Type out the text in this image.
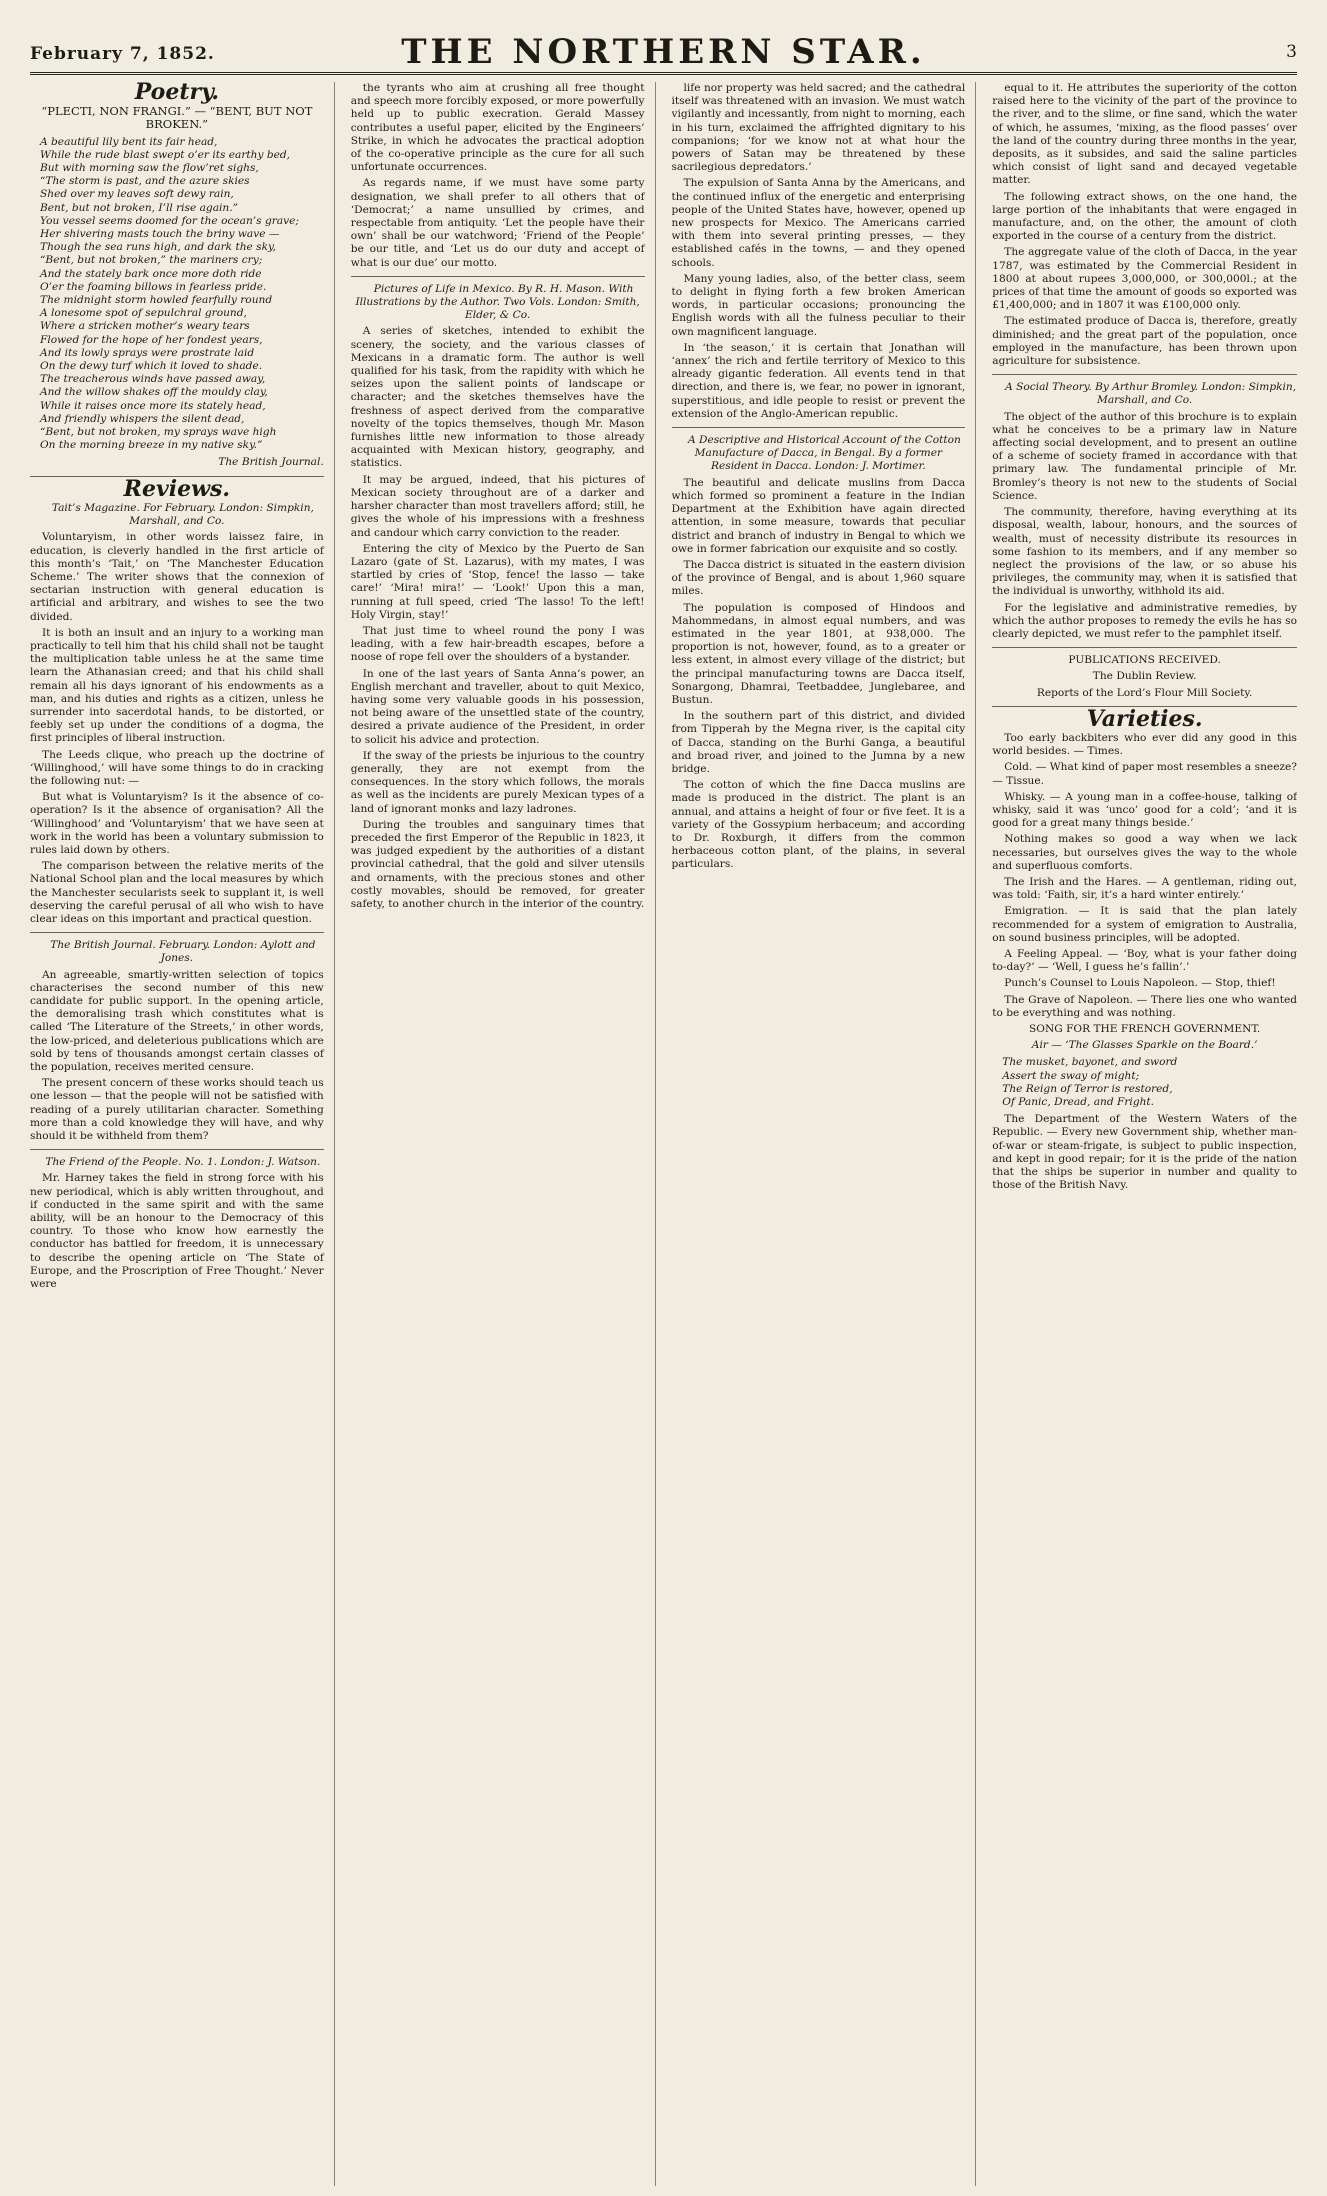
February 7, 1852.	THE NORTHERN STAR.	3
Poetry.
“PLECTI, NON FRANGI.” — “BENT, BUT NOT BROKEN.”

A beautiful lily bent its fair head,

While the rude blast swept o’er its earthy bed,

But with morning saw the flow’ret sighs,

“The storm is past, and the azure skies

Shed over my leaves soft dewy rain,

Bent, but not broken, I’ll rise again.”

You vessel seems doomed for the ocean’s grave;

Her shivering masts touch the briny wave —

Though the sea runs high, and dark the sky,

“Bent, but not broken,” the mariners cry;

And the stately bark once more doth ride

O’er the foaming billows in fearless pride.

The midnight storm howled fearfully round

A lonesome spot of sepulchral ground,

Where a stricken mother’s weary tears

Flowed for the hope of her fondest years,

And its lowly sprays were prostrate laid

On the dewy turf which it loved to shade.

The treacherous winds have passed away,

And the willow shakes off the mouldy clay,

While it raises once more its stately head,

And friendly whispers the silent dead,

“Bent, but not broken, my sprays wave high

On the morning breeze in my native sky.”

The British Journal.
Reviews.

Tait’s Magazine. For February. London: Simpkin, Marshall, and Co.

Voluntaryism, in other words laissez faire, in education, is cleverly handled in the first article of this month’s ‘Tait,’ on ‘The Manchester Education Scheme.’ The writer shows that the connexion of sectarian instruction with general education is artificial and arbitrary, and wishes to see the two divided.

It is both an insult and an injury to a working man practically to tell him that his child shall not be taught the multiplication table unless he at the same time learn the Athanasian creed; and that his child shall remain all his days ignorant of his endowments as a man, and his duties and rights as a citizen, unless he surrender into sacerdotal hands, to be distorted, or feebly set up under the conditions of a dogma, the first principles of liberal instruction.

The Leeds clique, who preach up the doctrine of ‘Willinghood,’ will have some things to do in cracking the following nut: —

But what is Voluntaryism? Is it the absence of co-operation? Is it the absence of organisation? All the ‘Willinghood’ and ‘Voluntaryism’ that we have seen at work in the world has been a voluntary submission to rules laid down by others.

The comparison between the relative merits of the National School plan and the local measures by which the Manchester secularists seek to supplant it, is well deserving the careful perusal of all who wish to have clear ideas on this important and practical question.

The British Journal. February. London: Aylott and Jones.

An agreeable, smartly-written selection of topics characterises the second number of this new candidate for public support. In the opening article, the demoralising trash which constitutes what is called ‘The Literature of the Streets,’ in other words, the low-priced, and deleterious publications which are sold by tens of thousands amongst certain classes of the population, receives merited censure.

The present concern of these works should teach us one lesson — that the people will not be satisfied with reading of a purely utilitarian character. Something more than a cold knowledge they will have, and why should it be withheld from them?

The Friend of the People. No. 1. London: J. Watson.

Mr. Harney takes the field in strong force with his new periodical, which is ably written throughout, and if conducted in the same spirit and with the same ability, will be an honour to the Democracy of this country. To those who know how earnestly the conductor has battled for freedom, it is unnecessary to describe the opening article on ‘The State of Europe, and the Proscription of Free Thought.’ Never were

the tyrants who aim at crushing all free thought and speech more forcibly exposed, or more powerfully held up to public execration. Gerald Massey contributes a useful paper, elicited by the Engineers’ Strike, in which he advocates the practical adoption of the co-operative principle as the cure for all such unfortunate occurrences.

As regards name, if we must have some party designation, we shall prefer to all others that of ‘Democrat;’ a name unsullied by crimes, and respectable from antiquity. ‘Let the people have their own’ shall be our watchword; ‘Friend of the People’ be our title, and ‘Let us do our duty and accept of what is our due’ our motto.

Pictures of Life in Mexico. By R. H. Mason. With Illustrations by the Author. Two Vols. London: Smith, Elder, & Co.

A series of sketches, intended to exhibit the scenery, the society, and the various classes of Mexicans in a dramatic form. The author is well qualified for his task, from the rapidity with which he seizes upon the salient points of landscape or character; and the sketches themselves have the freshness of aspect derived from the comparative novelty of the topics themselves, though Mr. Mason furnishes little new information to those already acquainted with Mexican history, geography, and statistics.

It may be argued, indeed, that his pictures of Mexican society throughout are of a darker and harsher character than most travellers afford; still, he gives the whole of his impressions with a freshness and candour which carry conviction to the reader.

Entering the city of Mexico by the Puerto de San Lazaro (gate of St. Lazarus), with my mates, I was startled by cries of ‘Stop, fence! the lasso — take care!’ ‘Mira! mira!’ — ‘Look!’ Upon this a man, running at full speed, cried ‘The lasso! To the left! Holy Virgin, stay!’

That just time to wheel round the pony I was leading, with a few hair-breadth escapes, before a noose of rope fell over the shoulders of a bystander.

In one of the last years of Santa Anna’s power, an English merchant and traveller, about to quit Mexico, having some very valuable goods in his possession, not being aware of the unsettled state of the country, desired a private audience of the President, in order to solicit his advice and protection.

If the sway of the priests be injurious to the country generally, they are not exempt from the consequences. In the story which follows, the morals as well as the incidents are purely Mexican types of a land of ignorant monks and lazy ladrones.

During the troubles and sanguinary times that preceded the first Emperor of the Republic in 1823, it was judged expedient by the authorities of a distant provincial cathedral, that the gold and silver utensils and ornaments, with the precious stones and other costly movables, should be removed, for greater safety, to another church in the interior of the country.

life nor property was held sacred; and the cathedral itself was threatened with an invasion. We must watch vigilantly and incessantly, from night to morning, each in his turn, exclaimed the affrighted dignitary to his companions; ‘for we know not at what hour the powers of Satan may be threatened by these sacrilegious depredators.’

The expulsion of Santa Anna by the Americans, and the continued influx of the energetic and enterprising people of the United States have, however, opened up new prospects for Mexico. The Americans carried with them into several printing presses, — they established cafés in the towns, — and they opened schools.

Many young ladies, also, of the better class, seem to delight in flying forth a few broken American words, in particular occasions; pronouncing the English words with all the fulness peculiar to their own magnificent language.

In ‘the season,’ it is certain that Jonathan will ‘annex’ the rich and fertile territory of Mexico to this already gigantic federation. All events tend in that direction, and there is, we fear, no power in ignorant, superstitious, and idle people to resist or prevent the extension of the Anglo-American republic.

A Descriptive and Historical Account of the Cotton Manufacture of Dacca, in Bengal. By a former Resident in Dacca. London: J. Mortimer.

The beautiful and delicate muslins from Dacca which formed so prominent a feature in the Indian Department at the Exhibition have again directed attention, in some measure, towards that peculiar district and branch of industry in Bengal to which we owe in former fabrication our exquisite and so costly.

The Dacca district is situated in the eastern division of the province of Bengal, and is about 1,960 square miles.

The population is composed of Hindoos and Mahommedans, in almost equal numbers, and was estimated in the year 1801, at 938,000. The proportion is not, however, found, as to a greater or less extent, in almost every village of the district; but the principal manufacturing towns are Dacca itself, Sonargong, Dhamrai, Teetbaddee, Junglebaree, and Bustun.

In the southern part of this district, and divided from Tipperah by the Megna river, is the capital city of Dacca, standing on the Burhi Ganga, a beautiful and broad river, and joined to the Jumna by a new bridge.

The cotton of which the fine Dacca muslins are made is produced in the district. The plant is an annual, and attains a height of four or five feet. It is a variety of the Gossypium herbaceum; and according to Dr. Roxburgh, it differs from the common herbaceous cotton plant, of the plains, in several particulars.

equal to it. He attributes the superiority of the cotton raised here to the vicinity of the part of the province to the river, and to the slime, or fine sand, which the water of which, he assumes, ‘mixing, as the flood passes’ over the land of the country during three months in the year, deposits, as it subsides, and said the saline particles which consist of light sand and decayed vegetable matter.

The following extract shows, on the one hand, the large portion of the inhabitants that were engaged in manufacture, and, on the other, the amount of cloth exported in the course of a century from the district.

The aggregate value of the cloth of Dacca, in the year 1787, was estimated by the Commercial Resident in 1800 at about rupees 3,000,000, or 300,000l.; at the prices of that time the amount of goods so exported was £1,400,000; and in 1807 it was £100,000 only.

The estimated produce of Dacca is, therefore, greatly diminished; and the great part of the population, once employed in the manufacture, has been thrown upon agriculture for subsistence.

A Social Theory. By Arthur Bromley. London: Simpkin, Marshall, and Co.

The object of the author of this brochure is to explain what he conceives to be a primary law in Nature affecting social development, and to present an outline of a scheme of society framed in accordance with that primary law. The fundamental principle of Mr. Bromley’s theory is not new to the students of Social Science.

The community, therefore, having everything at its disposal, wealth, labour, honours, and the sources of wealth, must of necessity distribute its resources in some fashion to its members, and if any member so neglect the provisions of the law, or so abuse his privileges, the community may, when it is satisfied that the individual is unworthy, withhold its aid.

For the legislative and administrative remedies, by which the author proposes to remedy the evils he has so clearly depicted, we must refer to the pamphlet itself.

PUBLICATIONS RECEIVED.

The Dublin Review.

Reports of the Lord’s Flour Mill Society.

Varieties.

Too early backbiters who ever did any good in this world besides. — Times.

Cold. — What kind of paper most resembles a sneeze? — Tissue.

Whisky. — A young man in a coffee-house, talking of whisky, said it was ‘unco’ good for a cold’; ‘and it is good for a great many things beside.’

Nothing makes so good a way when we lack necessaries, but ourselves gives the way to the whole and superfluous comforts.

The Irish and the Hares. — A gentleman, riding out, was told: ‘Faith, sir, it’s a hard winter entirely.’

Emigration. — It is said that the plan lately recommended for a system of emigration to Australia, on sound business principles, will be adopted.

A Feeling Appeal. — ‘Boy, what is your father doing to-day?’ — ‘Well, I guess he’s fallin’.’

Punch’s Counsel to Louis Napoleon. — Stop, thief!

The Grave of Napoleon. — There lies one who wanted to be everything and was nothing.

SONG FOR THE FRENCH GOVERNMENT.

Air — ‘The Glasses Sparkle on the Board.’

The musket, bayonet, and sword

Assert the sway of might;

The Reign of Terror is restored,

Of Panic, Dread, and Fright.

The Department of the Western Waters of the Republic. — Every new Government ship, whether man-of-war or steam-frigate, is subject to public inspection, and kept in good repair; for it is the pride of the nation that the ships be superior in number and quality to those of the British Navy.
